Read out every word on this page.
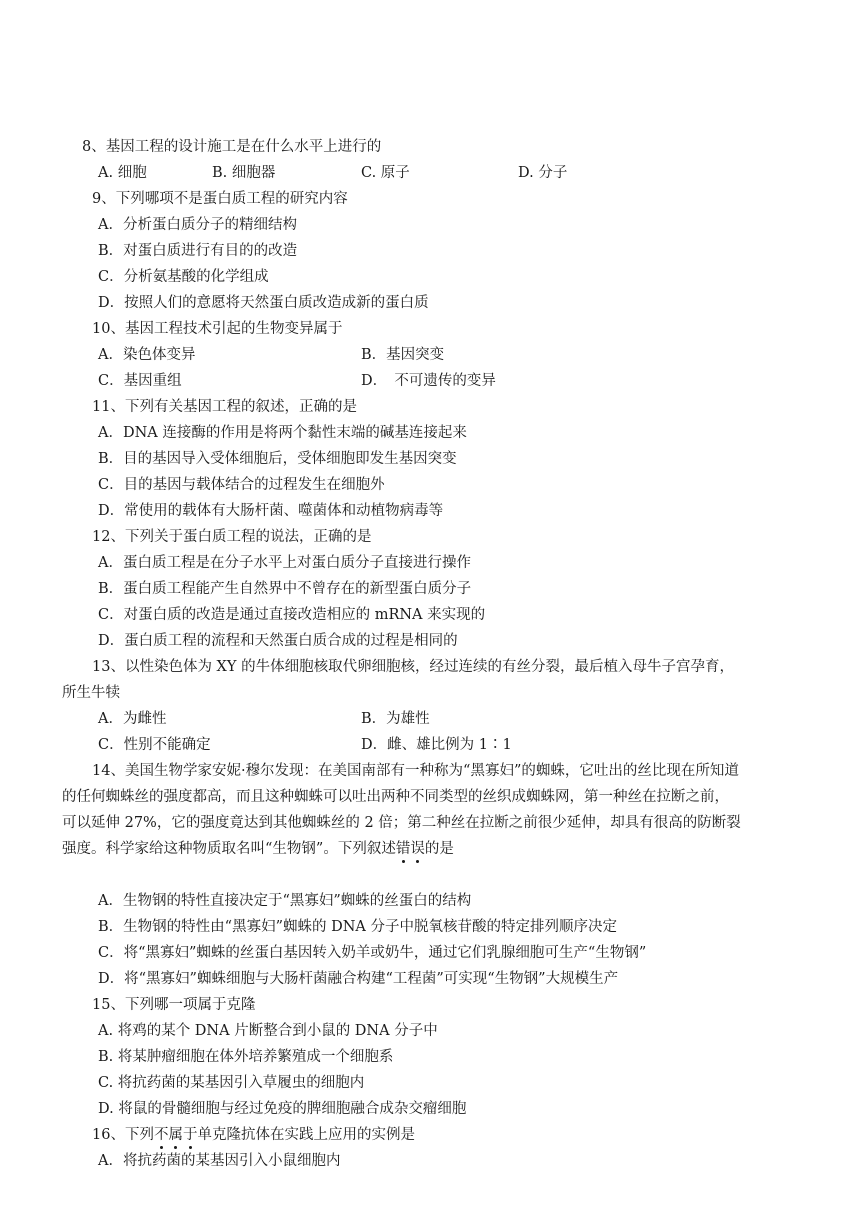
8、基因工程的设计施工是在什么水平上进行的
A. 细胞	B. 细胞器	C. 原子	D. 分子
9、下列哪项不是蛋白质工程的研究内容
A．分析蛋白质分子的精细结构
B．对蛋白质进行有目的的改造
C．分析氨基酸的化学组成
D．按照人们的意愿将天然蛋白质改造成新的蛋白质
10、基因工程技术引起的生物变异属于
A．染色体变异	B．基因突变
C．基因重组	D．　不可遗传的变异
11、下列有关基因工程的叙述，正确的是
A．DNA 连接酶的作用是将两个黏性末端的碱基连接起来
B．目的基因导入受体细胞后，受体细胞即发生基因突变
C．目的基因与载体结合的过程发生在细胞外
D．常使用的载体有大肠杆菌、噬菌体和动植物病毒等
12、下列关于蛋白质工程的说法，正确的是
A．蛋白质工程是在分子水平上对蛋白质分子直接进行操作
B．蛋白质工程能产生自然界中不曾存在的新型蛋白质分子
C．对蛋白质的改造是通过直接改造相应的 mRNA 来实现的
D．蛋白质工程的流程和天然蛋白质合成的过程是相同的
13、以性染色体为 XY 的牛体细胞核取代卵细胞核，经过连续的有丝分裂，最后植入母牛子宫孕育，
所生牛犊
A．为雌性	B．为雄性
C．性别不能确定	D．雌、雄比例为 1∶1
14、美国生物学家安妮·穆尔发现：在美国南部有一种称为“黑寡妇”的蜘蛛，它吐出的丝比现在所知道
的任何蜘蛛丝的强度都高，而且这种蜘蛛可以吐出两种不同类型的丝织成蜘蛛网，第一种丝在拉断之前，
可以延伸 27%，它的强度竟达到其他蜘蛛丝的 2 倍；第二种丝在拉断之前很少延伸，却具有很高的防断裂
强度。科学家给这种物质取名叫“生物钢”。下列叙述错误的是
A．生物钢的特性直接决定于“黑寡妇”蜘蛛的丝蛋白的结构
B．生物钢的特性由“黑寡妇”蜘蛛的 DNA 分子中脱氧核苷酸的特定排列顺序决定
C．将“黑寡妇”蜘蛛的丝蛋白基因转入奶羊或奶牛，通过它们乳腺细胞可生产“生物钢”
D．将“黑寡妇”蜘蛛细胞与大肠杆菌融合构建“工程菌”可实现“生物钢”大规模生产
15、下列哪一项属于克隆
A. 将鸡的某个 DNA 片断整合到小鼠的 DNA 分子中
B. 将某肿瘤细胞在体外培养繁殖成一个细胞系
C. 将抗药菌的某基因引入草履虫的细胞内
D. 将鼠的骨髓细胞与经过免疫的脾细胞融合成杂交瘤细胞
16、下列不属于单克隆抗体在实践上应用的实例是
A．将抗药菌的某基因引入小鼠细胞内
